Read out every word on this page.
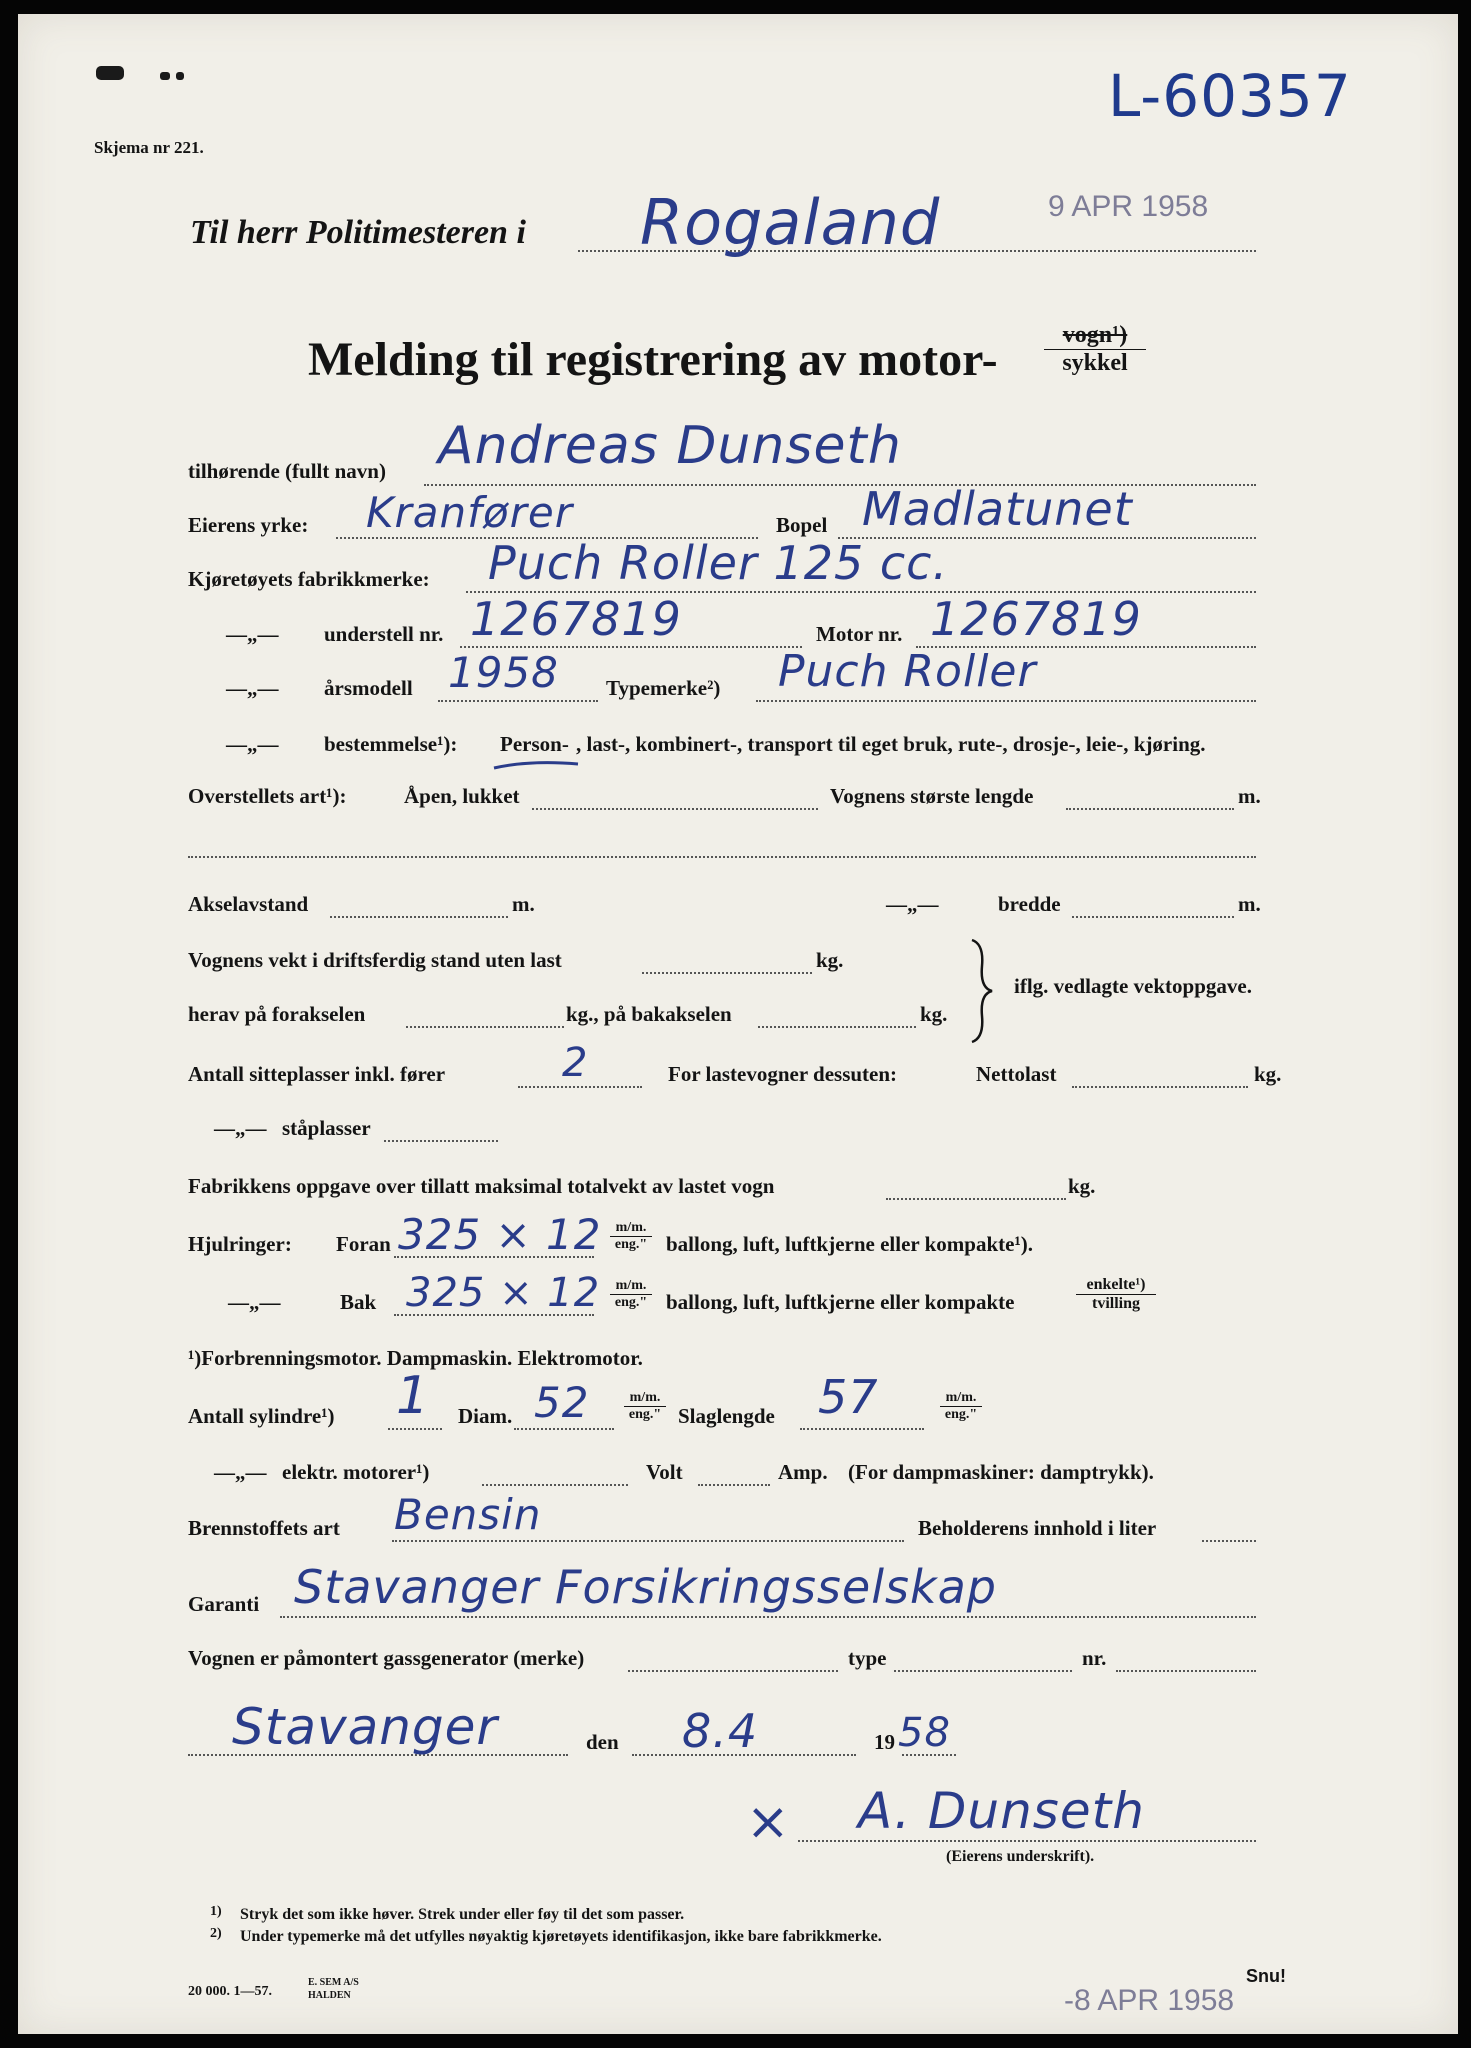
L-60357
Skjema nr 221.
Til herr Politimesteren i Rogaland	9 APR 1958
Melding til registrering av motor-	vogn¹)
sykkel
tilhørende (fullt navn) Andreas Dunseth
Eierens yrke: Kranfører	Bopel Madlatunet
Kjøretøyets fabrikkmerke: Puch Roller 125 cc.
—„— understell nr. 1267819	Motor nr. 1267819
—„— årsmodell 1958 Typemerke²) Puch Roller
—„— bestemmelse¹): Person- , last-, kombinert-, transport til eget bruk, rute-, drosje-, leie-, kjøring.
Overstellets art¹):	Åpen, lukket	Vognens største lengde	m.
Akselavstand	m.	—„—	bredde	m.
Vognens vekt i driftsferdig stand uten last	kg.
herav på forakselen	kg., på bakakselen	kg.
iflg. vedlagte vektoppgave.
Antall sitteplasser inkl. fører	2	For lastevogner dessuten:	Nettolast	kg.
—„— ståplasser
Fabrikkens oppgave over tillatt maksimal totalvekt av lastet vogn	kg.
Hjulringer: Foran 325 × 12	m/m.
eng." ballong, luft, luftkjerne eller kompakte¹).
—„—	Bak 325 × 12	m/m.
eng." ballong, luft, luftkjerne eller kompakte
enkelte¹)
tvilling
¹)Forbrenningsmotor. Dampmaskin. Elektromotor.
Antall sylindre¹) 1 Diam. 52	m/m.
eng." Slaglengde 57	m/m.
eng."
—„— elektr. motorer¹)	Volt	Amp. (For dampmaskiner: damptrykk).
Brennstoffets art Bensin	Beholderens innhold i liter
Garanti Stavanger Forsikringsselskap
Vognen er påmontert gassgenerator (merke)	type	nr.
Stavanger	den 8.4	19 58
× A. Dunseth
(Eierens underskrift).
1) Stryk det som ikke høver. Strek under eller føy til det som passer.
2) Under typemerke må det utfylles nøyaktig kjøretøyets identifikasjon, ikke bare fabrikkmerke.
20 000. 1—57.
E. SEM A/S
HALDEN	-8 APR 1958
Snu!
